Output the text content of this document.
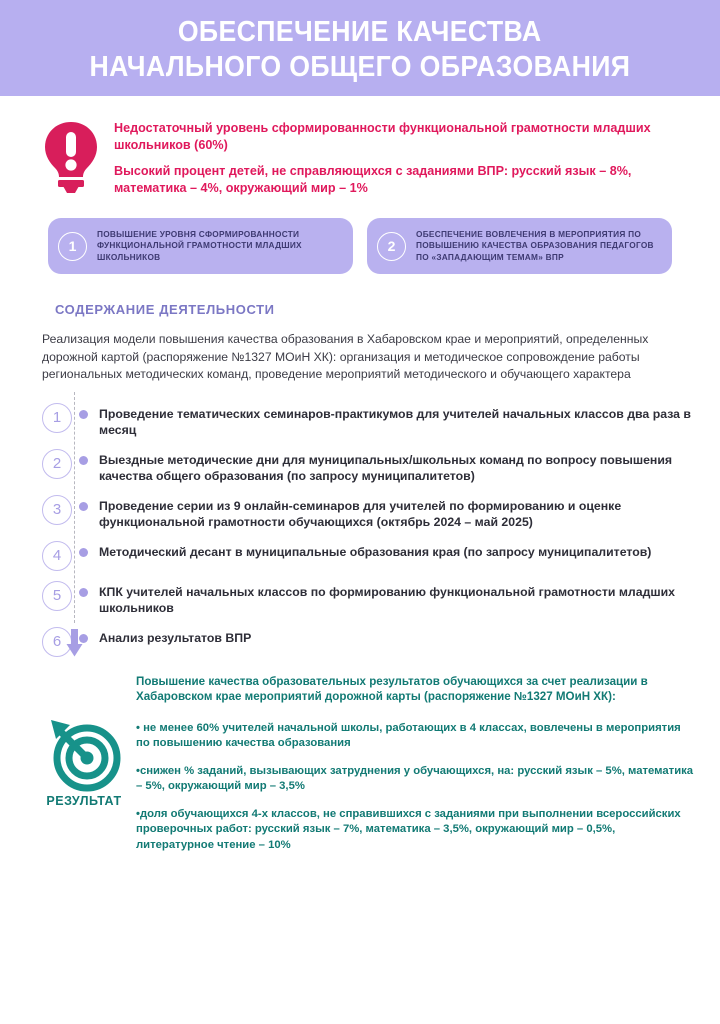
ОБЕСПЕЧЕНИЕ КАЧЕСТВА
НАЧАЛЬНОГО ОБЩЕГО ОБРАЗОВАНИЯ

Недостаточный уровень сформированности функциональной грамотности младших школьников (60%)

Высокий процент детей, не справляющихся с заданиями ВПР: русский язык – 8%, математика – 4%, окружающий мир – 1%

1
ПОВЫШЕНИЕ УРОВНЯ СФОРМИРОВАННОСТИ ФУНКЦИОНАЛЬНОЙ ГРАМОТНОСТИ МЛАДШИХ ШКОЛЬНИКОВ
2
ОБЕСПЕЧЕНИЕ ВОВЛЕЧЕНИЯ В МЕРОПРИЯТИЯ ПО ПОВЫШЕНИЮ КАЧЕСТВА ОБРАЗОВАНИЯ ПЕДАГОГОВ ПО «ЗАПАДАЮЩИМ ТЕМАМ» ВПР
СОДЕРЖАНИЕ ДЕЯТЕЛЬНОСТИ
Реализация модели повышения качества образования в Хабаровском крае и мероприятий, определенных дорожной картой (распоряжение №1327 МОиН ХК): организация и методическое сопровождение работы региональных методических команд, проведение мероприятий методического и обучающего характера
1	Проведение тематических семинаров-практикумов для учителей начальных классов два раза в месяц
2	Выездные методические дни для муниципальных/школьных команд по вопросу повышения качества общего образования (по запросу муниципалитетов)
3	Проведение серии из 9 онлайн-семинаров для учителей по формированию и оценке функциональной грамотности обучающихся (октябрь 2024 – май 2025)
4	Методический десант в муниципальные образования края (по запросу муниципалитетов)
5	КПК учителей начальных классов по формированию функциональной грамотности младших школьников
6	Анализ результатов ВПР
РЕЗУЛЬТАТ

Повышение качества образовательных результатов обучающихся за счет реализации в Хабаровском крае мероприятий дорожной карты (распоряжение №1327 МОиН ХК):

• не менее 60% учителей начальной школы, работающих в 4 классах, вовлечены в мероприятия по повышению качества образования

•снижен % заданий, вызывающих затруднения у обучающихся, на: русский язык – 5%, математика – 5%, окружающий мир – 3,5%

•доля обучающихся 4-х классов, не справившихся с заданиями при выполнении всероссийских проверочных работ: русский язык – 7%, математика – 3,5%, окружающий мир – 0,5%, литературное чтение – 10%
